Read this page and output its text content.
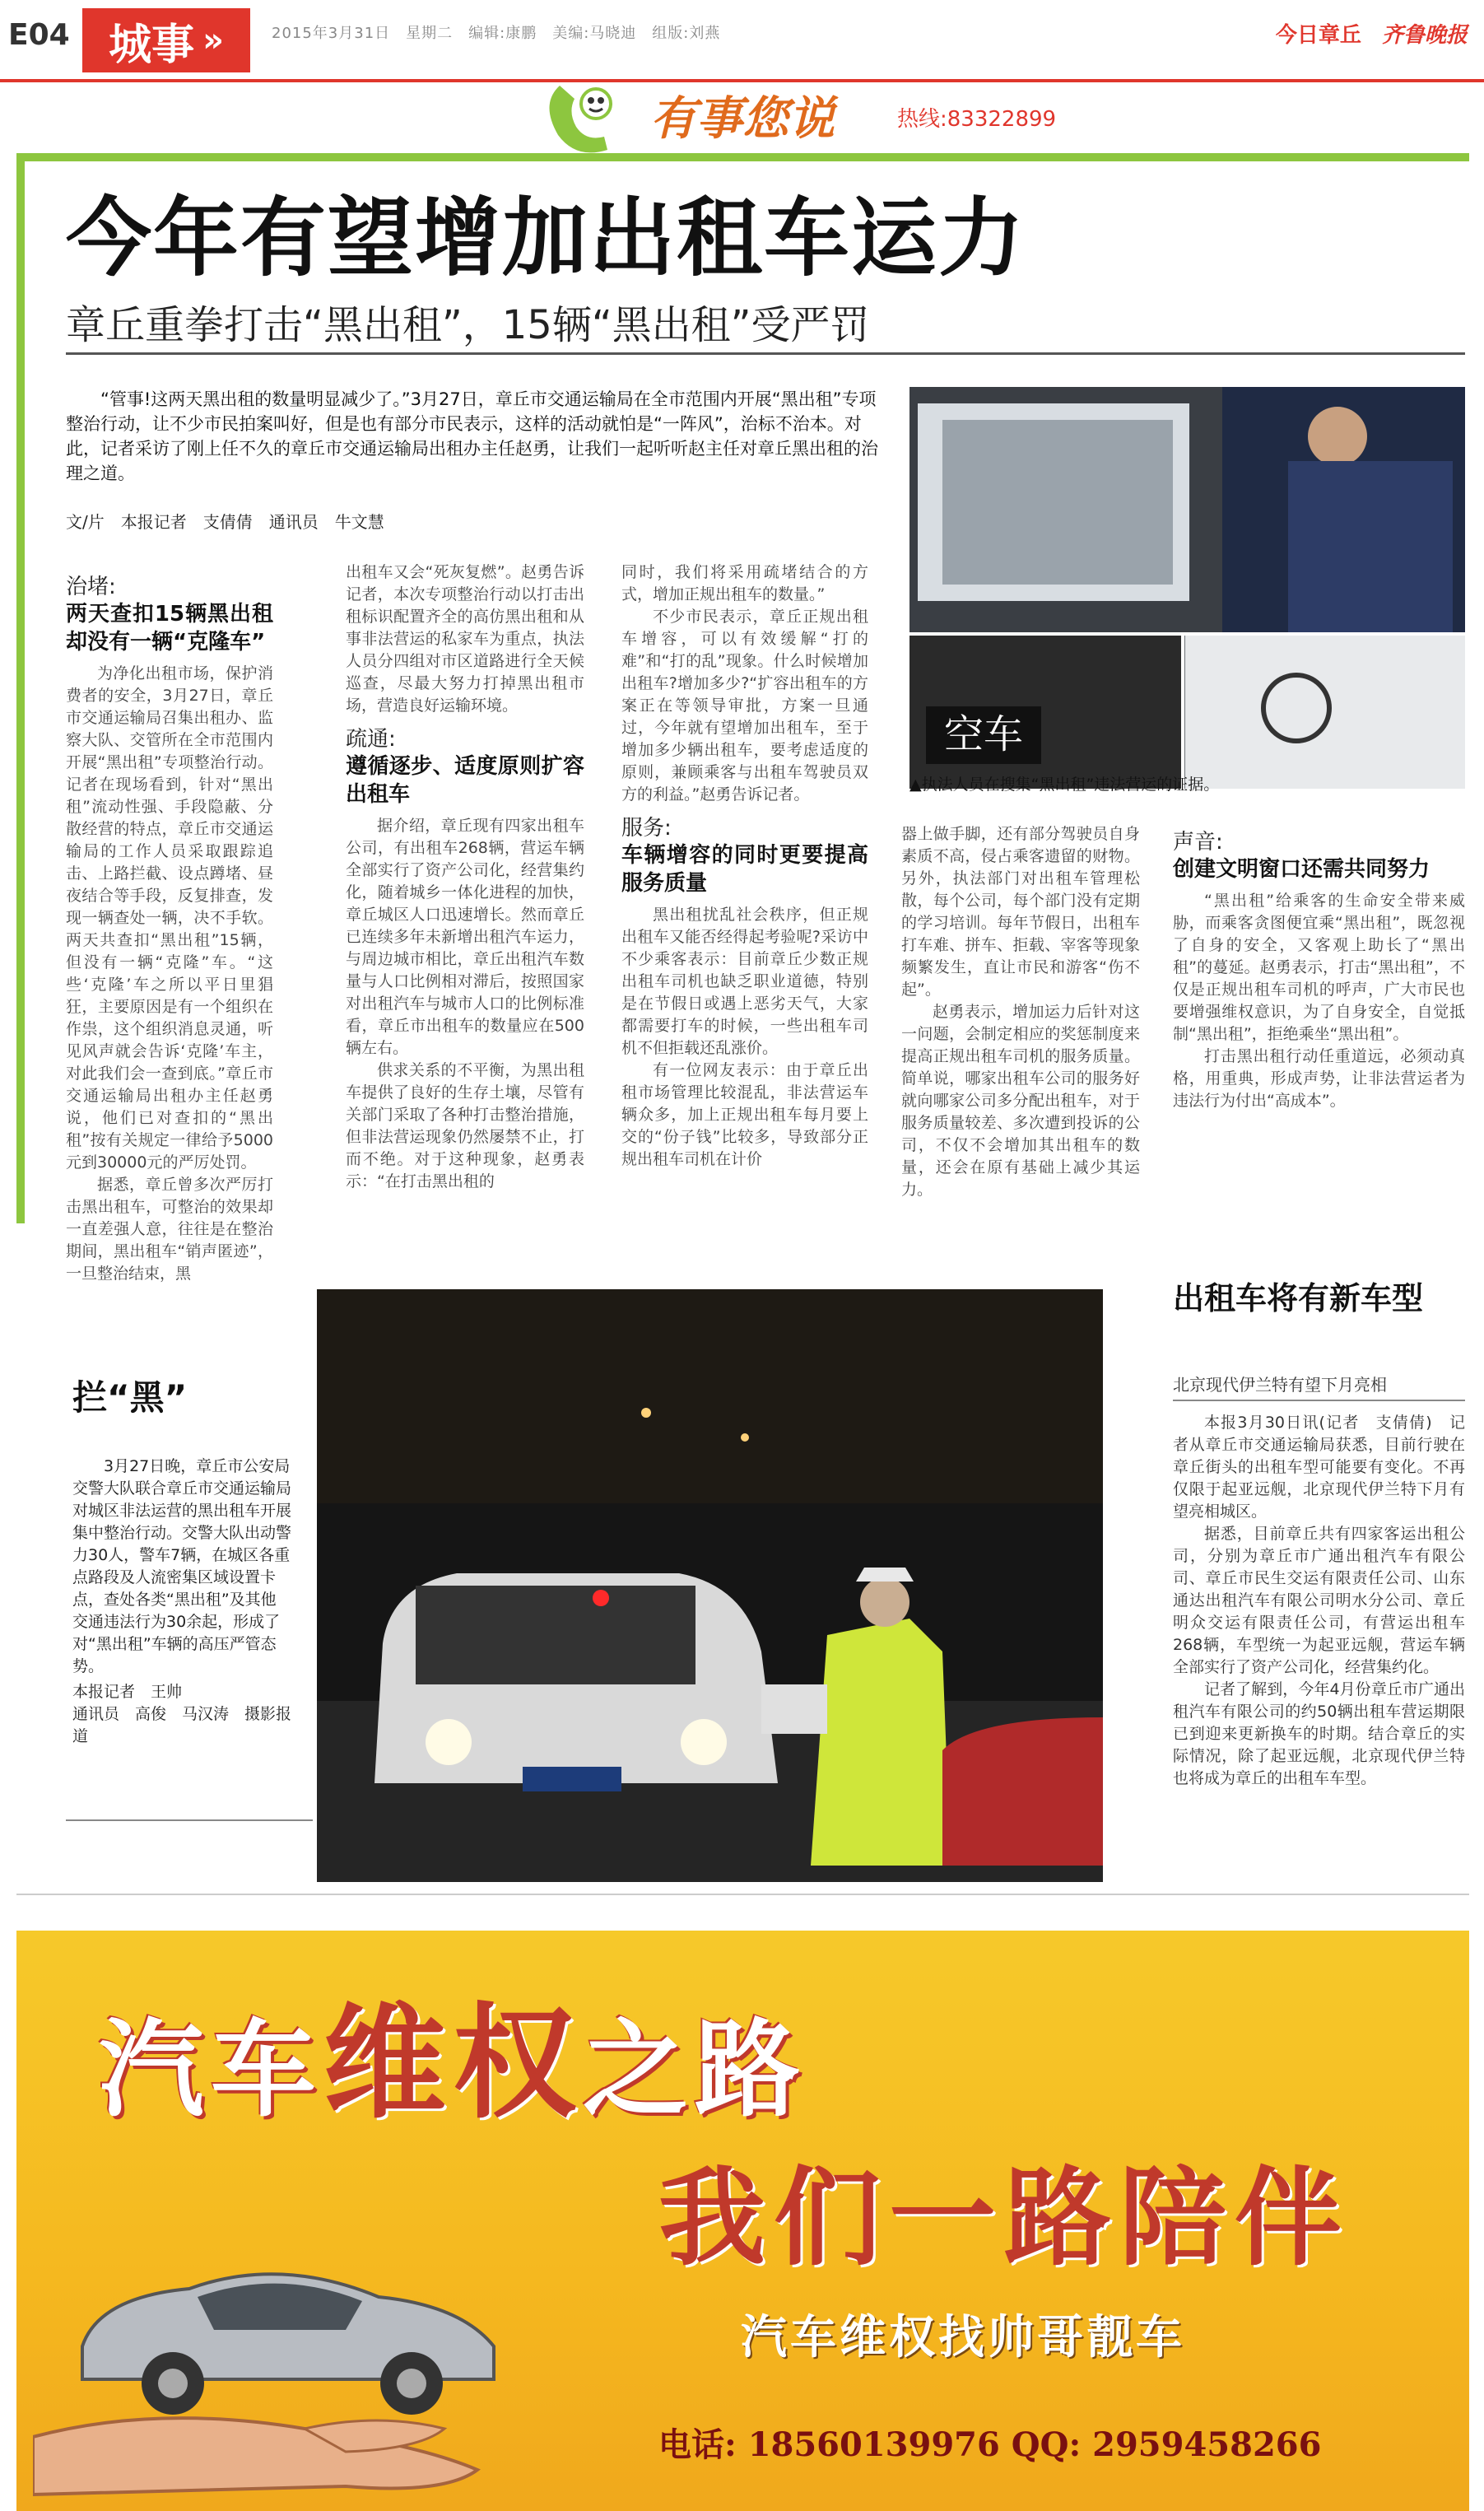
E04 城事 »	2015年3月31日　星期二　编辑:康鹏　美编:马晓迪　组版:刘燕	今日章丘 齐鲁晚报
有事您说	热线:83322899
今年有望增加出租车运力
章丘重拳打击“黑出租”，15辆“黑出租”受严罚
“管事!这两天黑出租的数量明显减少了。”3月27日，章丘市交通运输局在全市范围内开展“黑出租”专项整治行动，让不少市民拍案叫好，但是也有部分市民表示，这样的活动就怕是“一阵风”，治标不治本。对此，记者采访了刚上任不久的章丘市交通运输局出租办主任赵勇，让我们一起听听赵主任对章丘黑出租的治理之道。
文/片　本报记者　支倩倩　通讯员　牛文慧
空车
▲执法人员在搜集“黑出租”违法营运的证据。
治堵:
两天查扣15辆黑出租却没有一辆“克隆车”

为净化出租市场，保护消费者的安全，3月27日，章丘市交通运输局召集出租办、监察大队、交管所在全市范围内开展“黑出租”专项整治行动。记者在现场看到，针对“黑出租”流动性强、手段隐蔽、分散经营的特点，章丘市交通运输局的工作人员采取跟踪追击、上路拦截、设点蹲堵、昼夜结合等手段，反复排查，发现一辆查处一辆，决不手软。两天共查扣“黑出租”15辆，但没有一辆“克隆”车。“这些‘克隆’车之所以平日里猖狂，主要原因是有一个组织在作祟，这个组织消息灵通，听见风声就会告诉‘克隆’车主，对此我们会一查到底。”章丘市交通运输局出租办主任赵勇说，他们已对查扣的“黑出租”按有关规定一律给予5000元到30000元的严厉处罚。

据悉，章丘曾多次严厉打击黑出租车，可整治的效果却一直差强人意，往往是在整治期间，黑出租车“销声匿迹”，一旦整治结束，黑

出租车又会“死灰复燃”。赵勇告诉记者，本次专项整治行动以打击出租标识配置齐全的高仿黑出租和从事非法营运的私家车为重点，执法人员分四组对市区道路进行全天候巡查，尽最大努力打掉黑出租市场，营造良好运输环境。

疏通:
遵循逐步、适度原则扩容出租车

据介绍，章丘现有四家出租车公司，有出租车268辆，营运车辆全部实行了资产公司化，经营集约化，随着城乡一体化进程的加快，章丘城区人口迅速增长。然而章丘已连续多年未新增出租汽车运力，与周边城市相比，章丘出租汽车数量与人口比例相对滞后，按照国家对出租汽车与城市人口的比例标准看，章丘市出租车的数量应在500辆左右。

供求关系的不平衡，为黑出租车提供了良好的生存土壤，尽管有关部门采取了各种打击整治措施，但非法营运现象仍然屡禁不止，打而不绝。对于这种现象，赵勇表示：“在打击黑出租的

同时，我们将采用疏堵结合的方式，增加正规出租车的数量。”

不少市民表示，章丘正规出租车增容，可以有效缓解“打的难”和“打的乱”现象。什么时候增加出租车?增加多少?“扩容出租车的方案正在等领导审批，方案一旦通过，今年就有望增加出租车，至于增加多少辆出租车，要考虑适度的原则，兼顾乘客与出租车驾驶员双方的利益。”赵勇告诉记者。

服务:
车辆增容的同时更要提高服务质量

黑出租扰乱社会秩序，但正规出租车又能否经得起考验呢?采访中不少乘客表示：目前章丘少数正规出租车司机也缺乏职业道德，特别是在节假日或遇上恶劣天气，大家都需要打车的时候，一些出租车司机不但拒载还乱涨价。

有一位网友表示：由于章丘出租市场管理比较混乱，非法营运车辆众多，加上正规出租车每月要上交的“份子钱”比较多，导致部分正规出租车司机在计价

器上做手脚，还有部分驾驶员自身素质不高，侵占乘客遗留的财物。另外，执法部门对出租车管理松散，每个公司，每个部门没有定期的学习培训。每年节假日，出租车打车难、拼车、拒载、宰客等现象频繁发生，直让市民和游客“伤不起”。

赵勇表示，增加运力后针对这一问题，会制定相应的奖惩制度来提高正规出租车司机的服务质量。简单说，哪家出租车公司的服务好就向哪家公司多分配出租车，对于服务质量较差、多次遭到投诉的公司，不仅不会增加其出租车的数量，还会在原有基础上减少其运力。

声音:
创建文明窗口还需共同努力

“黑出租”给乘客的生命安全带来威胁，而乘客贪图便宜乘“黑出租”，既忽视了自身的安全，又客观上助长了“黑出租”的蔓延。赵勇表示，打击“黑出租”，不仅是正规出租车司机的呼声，广大市民也要增强维权意识，为了自身安全，自觉抵制“黑出租”，拒绝乘坐“黑出租”。

打击黑出租行动任重道远，必须动真格，用重典，形成声势，让非法营运者为违法行为付出“高成本”。

拦“黑”

3月27日晚，章丘市公安局交警大队联合章丘市交通运输局对城区非法运营的黑出租车开展集中整治行动。交警大队出动警力30人，警车7辆，在城区各重点路段及人流密集区域设置卡点，查处各类“黑出租”及其他交通违法行为30余起，形成了对“黑出租”车辆的高压严管态势。

本报记者　王帅
通讯员　高俊　马汉涛　摄影报道

出租车将有新车型
北京现代伊兰特有望下月亮相

本报3月30日讯(记者　支倩倩)　记者从章丘市交通运输局获悉，目前行驶在章丘街头的出租车型可能要有变化。不再仅限于起亚远舰，北京现代伊兰特下月有望亮相城区。

据悉，目前章丘共有四家客运出租公司，分别为章丘市广通出租汽车有限公司、章丘市民生交运有限责任公司、山东通达出租汽车有限公司明水分公司、章丘明众交运有限责任公司，有营运出租车268辆，车型统一为起亚远舰，营运车辆全部实行了资产公司化，经营集约化。

记者了解到，今年4月份章丘市广通出租汽车有限公司的约50辆出租车营运期限已到迎来更新换车的时期。结合章丘的实际情况，除了起亚远舰，北京现代伊兰特也将成为章丘的出租车车型。

汽车维权之路
我们一路陪伴
汽车维权找帅哥靓车
电话: 18560139976 QQ: 2959458266
